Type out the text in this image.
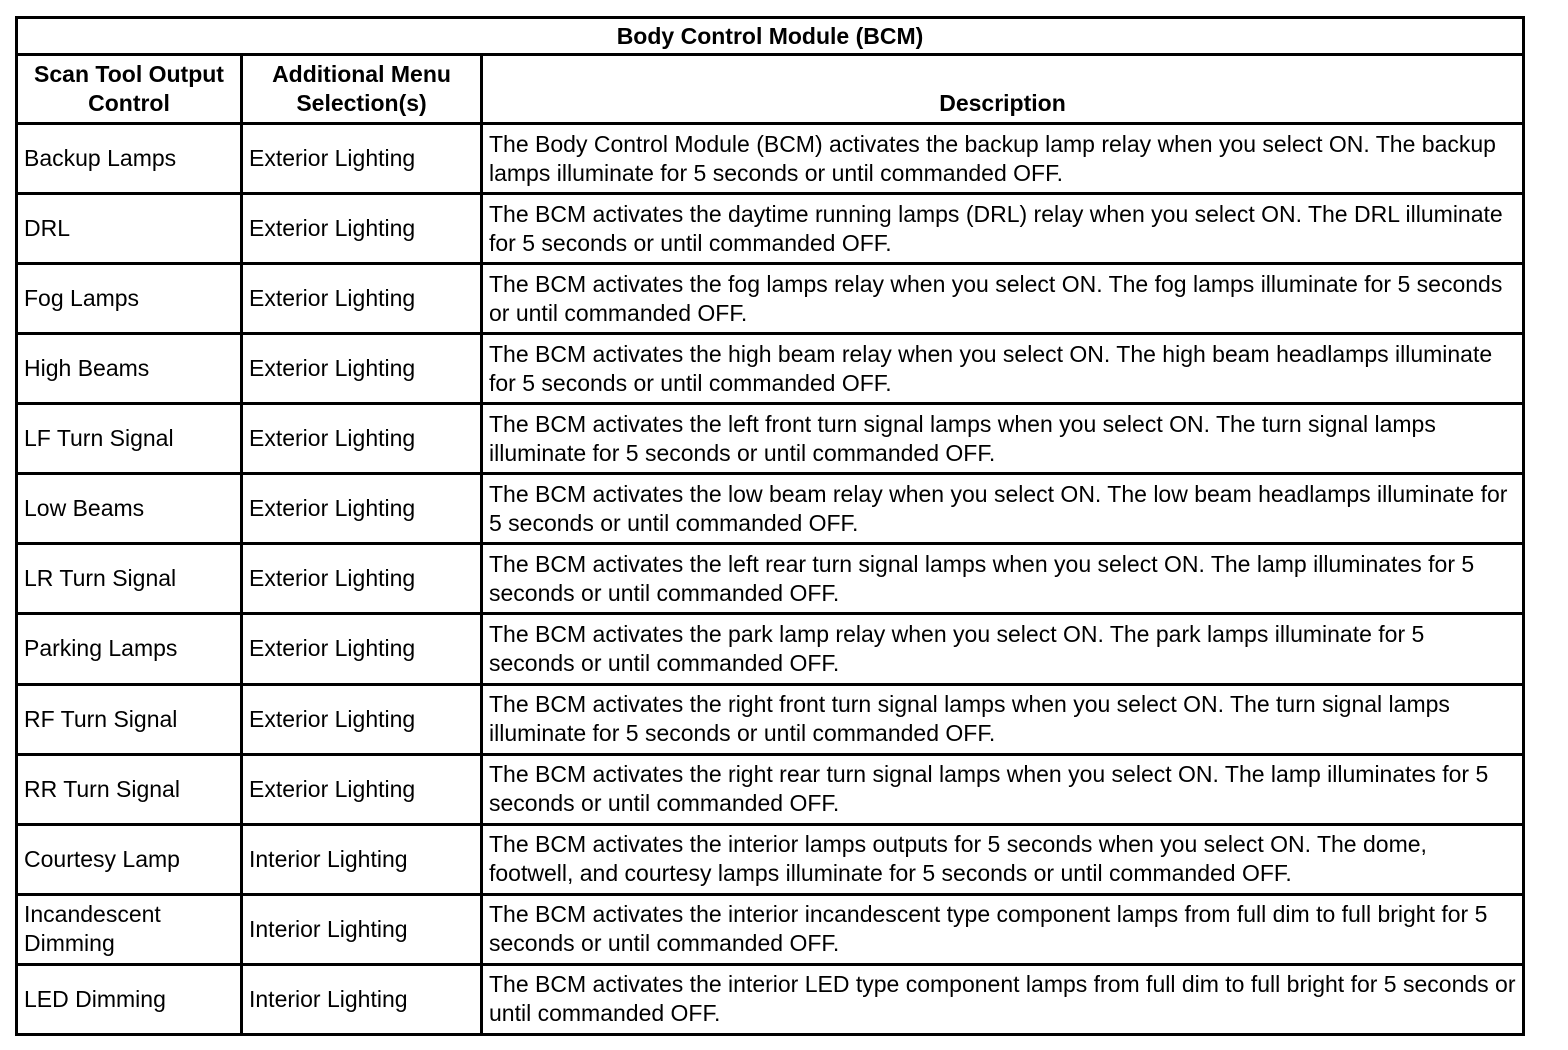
Body Control Module (BCM)		
Scan Tool Output Control	Additional Menu Selection(s)	Description
Backup Lamps	Exterior Lighting	The Body Control Module (BCM) activates the backup lamp relay when you select ON. The backup lamps illuminate for 5 seconds or until commanded OFF.
DRL	Exterior Lighting	The BCM activates the daytime running lamps (DRL) relay when you select ON. The DRL illuminate for 5 seconds or until commanded OFF.
Fog Lamps	Exterior Lighting	The BCM activates the fog lamps relay when you select ON. The fog lamps illuminate for 5 seconds or until commanded OFF.
High Beams	Exterior Lighting	The BCM activates the high beam relay when you select ON. The high beam headlamps illuminate for 5 seconds or until commanded OFF.
LF Turn Signal	Exterior Lighting	The BCM activates the left front turn signal lamps when you select ON. The turn signal lamps illuminate for 5 seconds or until commanded OFF.
Low Beams	Exterior Lighting	The BCM activates the low beam relay when you select ON. The low beam headlamps illuminate for 5 seconds or until commanded OFF.
LR Turn Signal	Exterior Lighting	The BCM activates the left rear turn signal lamps when you select ON. The lamp illuminates for 5 seconds or until commanded OFF.
Parking Lamps	Exterior Lighting	The BCM activates the park lamp relay when you select ON. The park lamps illuminate for 5 seconds or until commanded OFF.
RF Turn Signal	Exterior Lighting	The BCM activates the right front turn signal lamps when you select ON. The turn signal lamps illuminate for 5 seconds or until commanded OFF.
RR Turn Signal	Exterior Lighting	The BCM activates the right rear turn signal lamps when you select ON. The lamp illuminates for 5 seconds or until commanded OFF.
Courtesy Lamp	Interior Lighting	The BCM activates the interior lamps outputs for 5 seconds when you select ON. The dome, footwell, and courtesy lamps illuminate for 5 seconds or until commanded OFF.
Incandescent Dimming	Interior Lighting	The BCM activates the interior incandescent type component lamps from full dim to full bright for 5 seconds or until commanded OFF.
LED Dimming	Interior Lighting	The BCM activates the interior LED type component lamps from full dim to full bright for 5 seconds or until commanded OFF.
